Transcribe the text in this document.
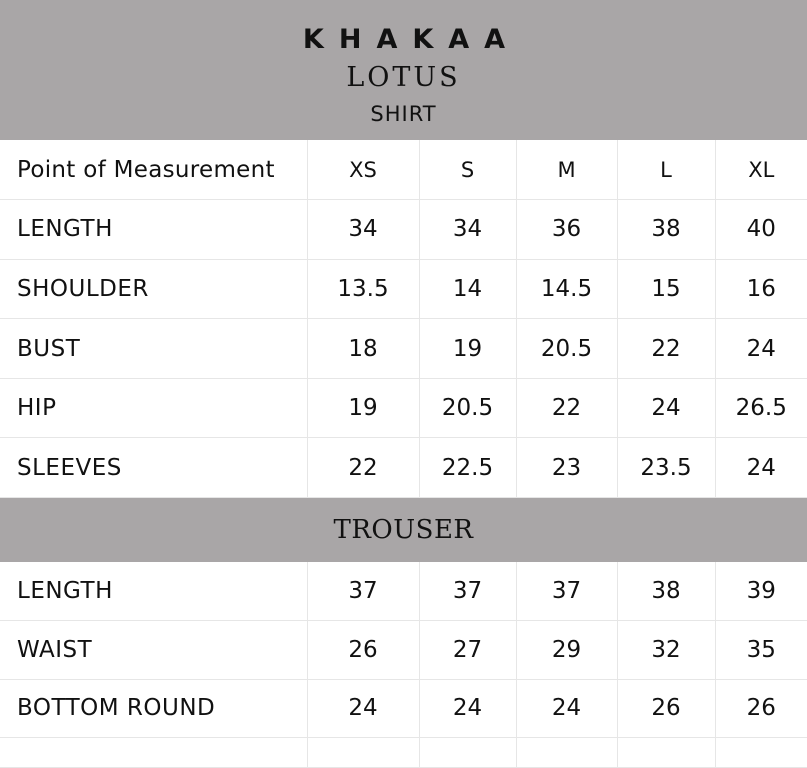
KHAKAA
LOTUS
SHIRT
Point of Measurement	XS	S	M	L	XL
LENGTH	34	34	36	38	40
SHOULDER	13.5	14	14.5	15	16
BUST	18	19	20.5	22	24
HIP	19	20.5	22	24	26.5
SLEEVES	22	22.5	23	23.5	24
TROUSER
LENGTH	37	37	37	38	39
WAIST	26	27	29	32	35
BOTTOM ROUND	24	24	24	26	26
